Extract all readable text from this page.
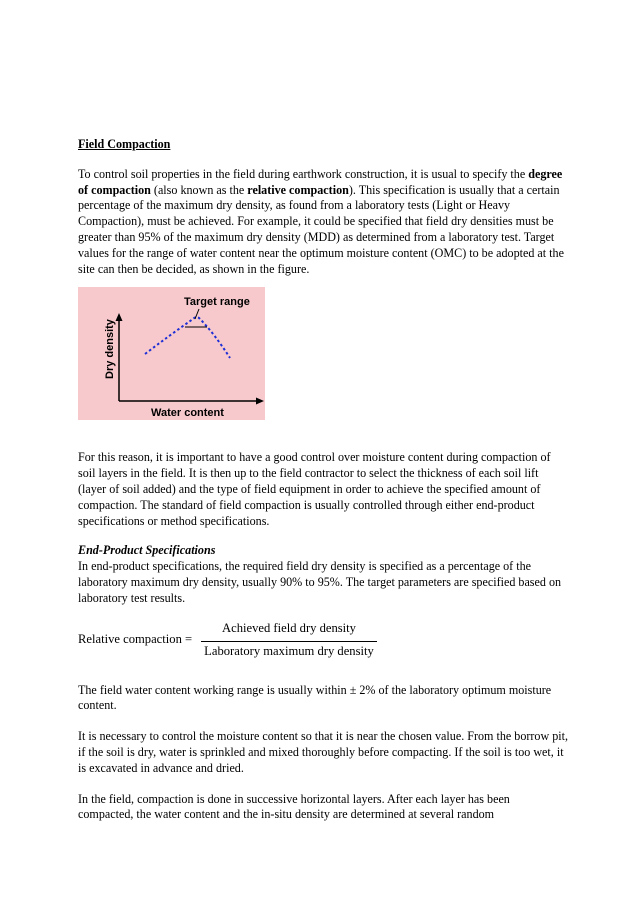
Field Compaction

To control soil properties in the field during earthwork construction, it is usual to specify the degree of compaction (also known as the relative compaction). This specification is usually that a certain percentage of the maximum dry density, as found from a laboratory tests (Light or Heavy Compaction), must be achieved. For example, it could be specified that field dry densities must be greater than 95% of the maximum dry density (MDD) as determined from a laboratory test. Target values for the range of water content near the optimum moisture content (OMC) to be adopted at the site can then be decided, as shown in the figure.

Target range
Dry density
Water content

For this reason, it is important to have a good control over moisture content during compaction of soil layers in the field. It is then up to the field contractor to select the thickness of each soil lift (layer of soil added) and the type of field equipment in order to achieve the specified amount of compaction. The standard of field compaction is usually controlled through either end-product specifications or method specifications.

End-Product Specifications

In end-product specifications, the required field dry density is specified as a percentage of the laboratory maximum dry density, usually 90% to 95%. The target parameters are specified based on laboratory test results.

Relative compaction =
Achieved field dry density
Laboratory maximum dry density

The field water content working range is usually within ± 2% of the laboratory optimum moisture content.

It is necessary to control the moisture content so that it is near the chosen value. From the borrow pit, if the soil is dry, water is sprinkled and mixed thoroughly before compacting. If the soil is too wet, it is excavated in advance and dried.

In the field, compaction is done in successive horizontal layers. After each layer has been compacted, the water content and the in-situ density are determined at several random
